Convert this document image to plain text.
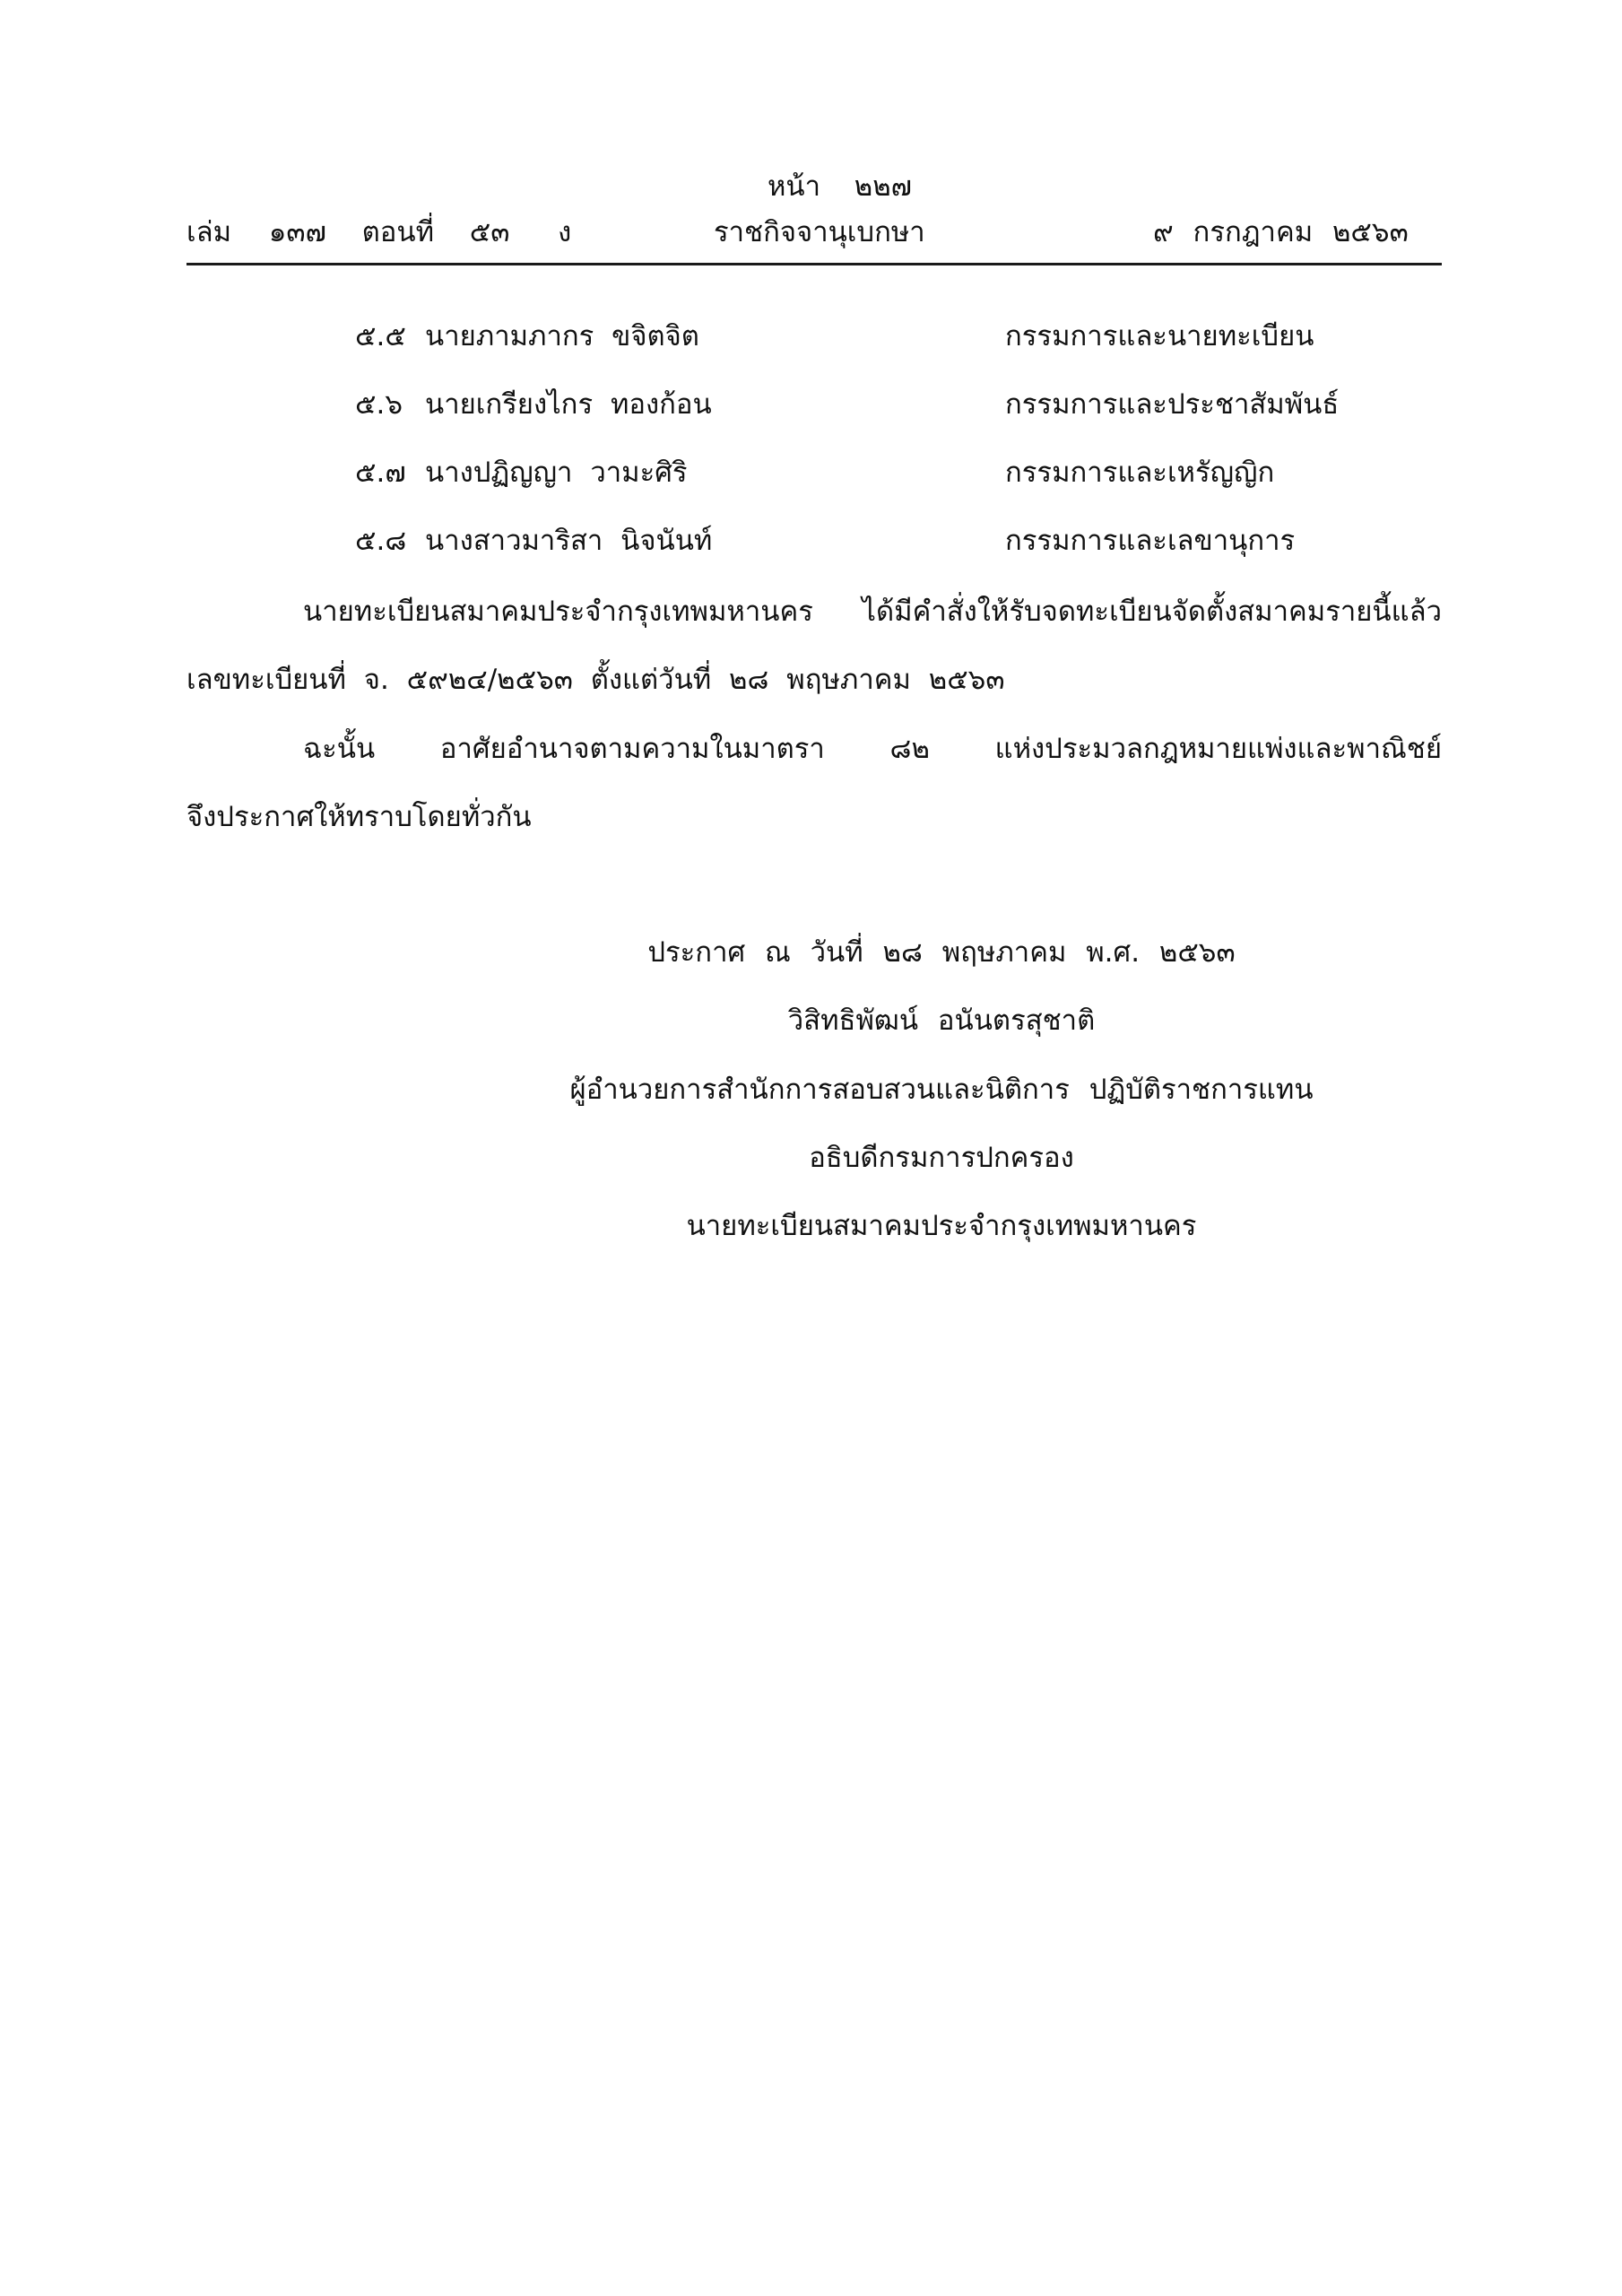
หน้า ๒๒๗
เล่ม ๑๓๗ ตอนที่ ๕๓ ง	ราชกิจจานุเบกษา	๙ กรกฎาคม ๒๕๖๓
๕.๕ นายภามภากร ขจิตจิต	กรรมการและนายทะเบียน
๕.๖ นายเกรียงไกร ทองก้อน	กรรมการและประชาสัมพันธ์
๕.๗ นางปฏิญญา วามะศิริ	กรรมการและเหรัญญิก
๕.๘ นางสาวมาริสา นิจนันท์	กรรมการและเลขานุการ
นายทะเบียนสมาคมประจำกรุงเทพมหานคร ได้มีคำสั่งให้รับจดทะเบียนจัดตั้งสมาคมรายนี้แล้ว
เลขทะเบียนที่ จ. ๕๙๒๔/๒๕๖๓ ตั้งแต่วันที่ ๒๘ พฤษภาคม ๒๕๖๓
ฉะนั้น อาศัยอำนาจตามความในมาตรา ๘๒ แห่งประมวลกฎหมายแพ่งและพาณิชย์
จึงประกาศให้ทราบโดยทั่วกัน
ประกาศ ณ วันที่ ๒๘ พฤษภาคม พ.ศ. ๒๕๖๓
วิสิทธิพัฒน์ อนันตรสุชาติ
ผู้อำนวยการสำนักการสอบสวนและนิติการ ปฏิบัติราชการแทน
อธิบดีกรมการปกครอง
นายทะเบียนสมาคมประจำกรุงเทพมหานคร
